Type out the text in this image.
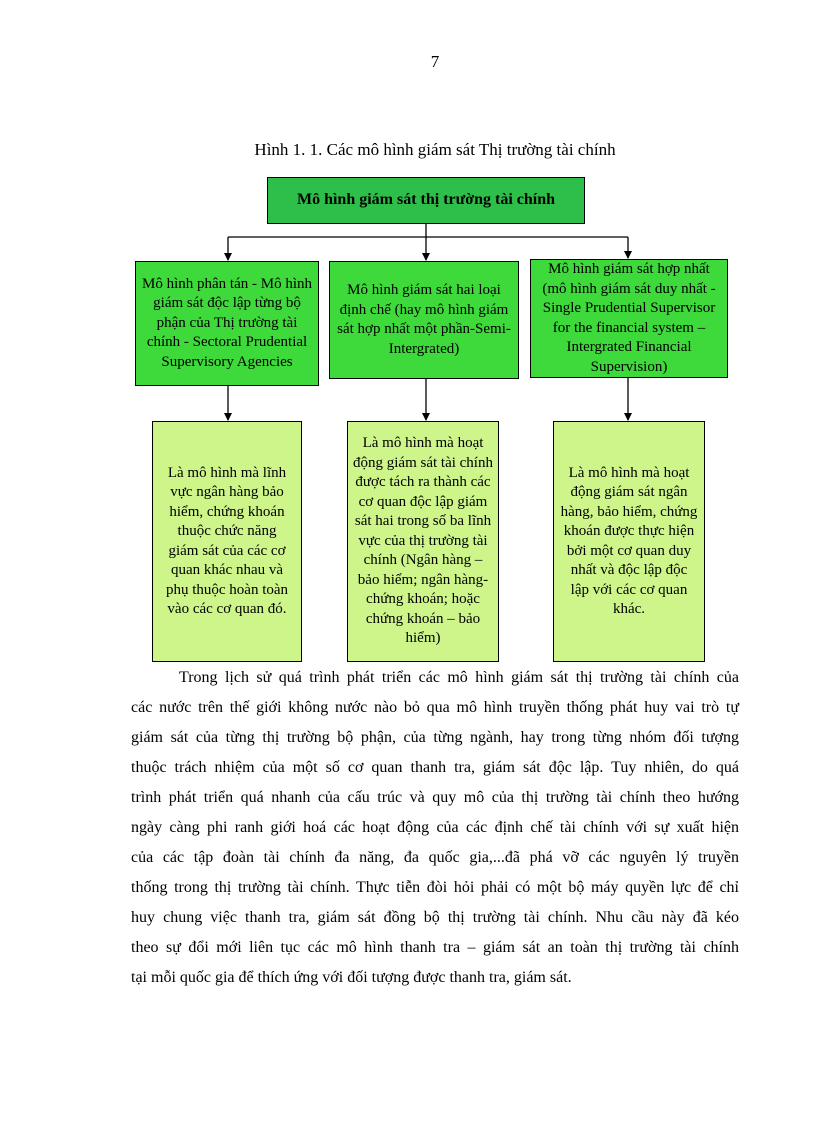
7
Hình 1. 1. Các mô hình giám sát Thị trường tài chính
Mô hình giám sát thị trường tài chính
Mô hình phân tán - Mô hình giám sát độc lập từng bộ phận của Thị trường tài chính - Sectoral Prudential Supervisory Agencies
Mô hình giám sát hai loại định chế (hay mô hình giám sát hợp nhất một phần-Semi-Intergrated)
Mô hình giám sát hợp nhất (mô hình giám sát duy nhất - Single Prudential Supervisor for the financial system – Intergrated Financial Supervision)
Là mô hình mà lĩnh vực ngân hàng bảo hiểm, chứng khoán thuộc chức năng giám sát của các cơ quan khác nhau và phụ thuộc hoàn toàn vào các cơ quan đó.
Là mô hình mà hoạt động giám sát tài chính được tách ra thành các cơ quan độc lập giám sát hai trong số ba lĩnh vực của thị trường tài chính (Ngân hàng – bảo hiểm; ngân hàng-chứng khoán; hoặc chứng khoán – bảo hiểm)
Là mô hình mà hoạt động giám sát ngân hàng, bảo hiểm, chứng khoán được thực hiện bởi một cơ quan duy nhất và độc lập độc lập với các cơ quan khác.
Trong lịch sử quá trình phát triển các mô hình giám sát thị trường tài chính của
các nước trên thế giới không nước nào bỏ qua mô hình truyền thống phát huy vai trò tự
giám sát của từng thị trường bộ phận, của từng ngành, hay trong từng nhóm đối tượng
thuộc trách nhiệm của một số cơ quan thanh tra, giám sát độc lập. Tuy nhiên, do quá
trình phát triển quá nhanh của cấu trúc và quy mô của thị trường tài chính theo hướng
ngày càng phi ranh giới hoá các hoạt động của các định chế tài chính với sự xuất hiện
của các tập đoàn tài chính đa năng, đa quốc gia,...đã phá vỡ các nguyên lý truyền
thống trong thị trường tài chính. Thực tiễn đòi hỏi phải có một bộ máy quyền lực để chỉ
huy chung việc thanh tra, giám sát đồng bộ thị trường tài chính. Nhu cầu này đã kéo
theo sự đổi mới liên tục các mô hình thanh tra – giám sát an toàn thị trường tài chính
tại mỗi quốc gia để thích ứng với đối tượng được thanh tra, giám sát.
